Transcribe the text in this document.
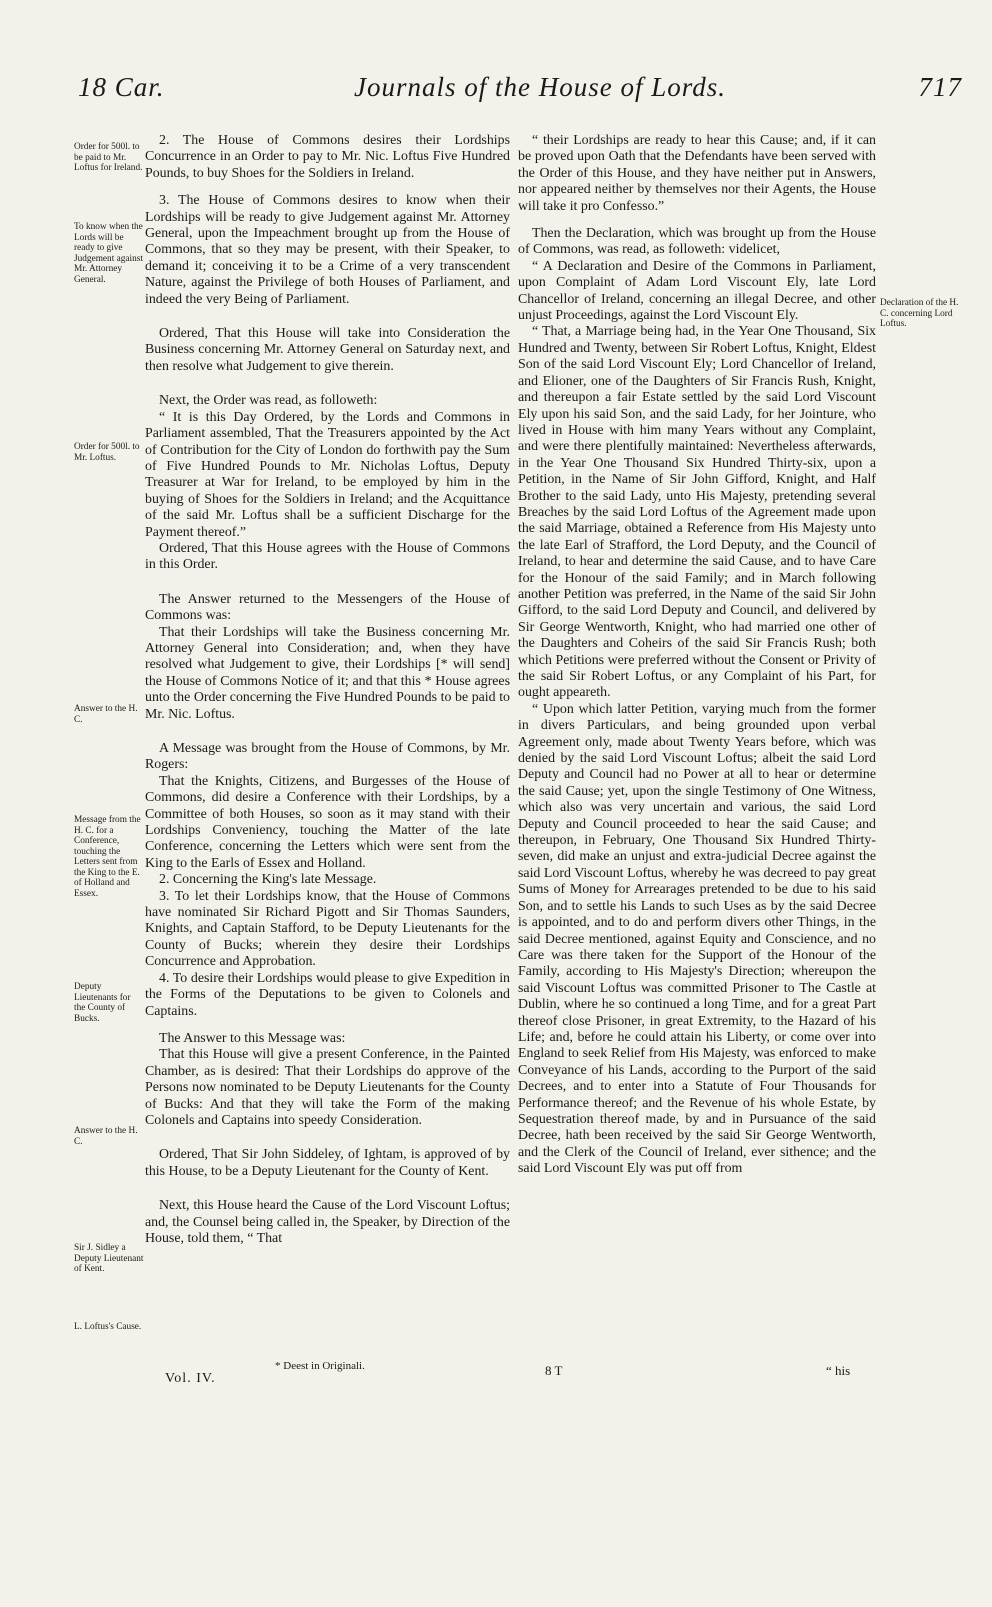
18 Car.	Journals of the House of Lords.	717
Order for 500l. to be paid to Mr. Loftus for Ireland.
To know when the Lords will be ready to give Judgement against Mr. Attorney General.
Order for 500l. to Mr. Loftus.
Answer to the H. C.
Message from the H. C. for a Conference, touching the Letters sent from the King to the E. of Holland and Essex.
Deputy Lieutenants for the County of Bucks.
Answer to the H. C.
Sir J. Sidley a Deputy Lieutenant of Kent.
L. Loftus's Cause.
Declaration of the H. C. concerning Lord Loftus.

2. The House of Commons desires their Lordships Concurrence in an Order to pay to Mr. Nic. Loftus Five Hundred Pounds, to buy Shoes for the Soldiers in Ireland.

3. The House of Commons desires to know when their Lordships will be ready to give Judgement against Mr. Attorney General, upon the Impeachment brought up from the House of Commons, that so they may be present, with their Speaker, to demand it; conceiving it to be a Crime of a very transcendent Nature, against the Privilege of both Houses of Parliament, and indeed the very Being of Parliament.

Ordered, That this House will take into Consideration the Business concerning Mr. Attorney General on Saturday next, and then resolve what Judgement to give therein.

Next, the Order was read, as followeth:

“ It is this Day Ordered, by the Lords and Commons in Parliament assembled, That the Treasurers appointed by the Act of Contribution for the City of London do forthwith pay the Sum of Five Hundred Pounds to Mr. Nicholas Loftus, Deputy Treasurer at War for Ireland, to be employed by him in the buying of Shoes for the Soldiers in Ireland; and the Acquittance of the said Mr. Loftus shall be a sufficient Discharge for the Payment thereof.”

Ordered, That this House agrees with the House of Commons in this Order.

The Answer returned to the Messengers of the House of Commons was:

That their Lordships will take the Business concerning Mr. Attorney General into Consideration; and, when they have resolved what Judgement to give, their Lordships [* will send] the House of Commons Notice of it; and that this * House agrees unto the Order concerning the Five Hundred Pounds to be paid to Mr. Nic. Loftus.

A Message was brought from the House of Commons, by Mr. Rogers:

That the Knights, Citizens, and Burgesses of the House of Commons, did desire a Conference with their Lordships, by a Committee of both Houses, so soon as it may stand with their Lordships Conveniency, touching the Matter of the late Conference, concerning the Letters which were sent from the King to the Earls of Essex and Holland.

2. Concerning the King's late Message.

3. To let their Lordships know, that the House of Commons have nominated Sir Richard Pigott and Sir Thomas Saunders, Knights, and Captain Stafford, to be Deputy Lieutenants for the County of Bucks; wherein they desire their Lordships Concurrence and Approbation.

4. To desire their Lordships would please to give Expedition in the Forms of the Deputations to be given to Colonels and Captains.

The Answer to this Message was:

That this House will give a present Conference, in the Painted Chamber, as is desired: That their Lordships do approve of the Persons now nominated to be Deputy Lieutenants for the County of Bucks: And that they will take the Form of the making Colonels and Captains into speedy Consideration.

Ordered, That Sir John Siddeley, of Ightam, is approved of by this House, to be a Deputy Lieutenant for the County of Kent.

Next, this House heard the Cause of the Lord Viscount Loftus; and, the Counsel being called in, the Speaker, by Direction of the House, told them, “ That

“ their Lordships are ready to hear this Cause; and, if it can be proved upon Oath that the Defendants have been served with the Order of this House, and they have neither put in Answers, nor appeared neither by themselves nor their Agents, the House will take it pro Confesso.”

Then the Declaration, which was brought up from the House of Commons, was read, as followeth: videlicet,

“ A Declaration and Desire of the Commons in Parliament, upon Complaint of Adam Lord Viscount Ely, late Lord Chancellor of Ireland, concerning an illegal Decree, and other unjust Proceedings, against the Lord Viscount Ely.

“ That, a Marriage being had, in the Year One Thousand, Six Hundred and Twenty, between Sir Robert Loftus, Knight, Eldest Son of the said Lord Viscount Ely; Lord Chancellor of Ireland, and Elioner, one of the Daughters of Sir Francis Rush, Knight, and thereupon a fair Estate settled by the said Lord Viscount Ely upon his said Son, and the said Lady, for her Jointure, who lived in House with him many Years without any Complaint, and were there plentifully maintained: Nevertheless afterwards, in the Year One Thousand Six Hundred Thirty-six, upon a Petition, in the Name of Sir John Gifford, Knight, and Half Brother to the said Lady, unto His Majesty, pretending several Breaches by the said Lord Loftus of the Agreement made upon the said Marriage, obtained a Reference from His Majesty unto the late Earl of Strafford, the Lord Deputy, and the Council of Ireland, to hear and determine the said Cause, and to have Care for the Honour of the said Family; and in March following another Petition was preferred, in the Name of the said Sir John Gifford, to the said Lord Deputy and Council, and delivered by Sir George Wentworth, Knight, who had married one other of the Daughters and Coheirs of the said Sir Francis Rush; both which Petitions were preferred without the Consent or Privity of the said Sir Robert Loftus, or any Complaint of his Part, for ought appeareth.

“ Upon which latter Petition, varying much from the former in divers Particulars, and being grounded upon verbal Agreement only, made about Twenty Years before, which was denied by the said Lord Viscount Loftus; albeit the said Lord Deputy and Council had no Power at all to hear or determine the said Cause; yet, upon the single Testimony of One Witness, which also was very uncertain and various, the said Lord Deputy and Council proceeded to hear the said Cause; and thereupon, in February, One Thousand Six Hundred Thirty-seven, did make an unjust and extra-judicial Decree against the said Lord Viscount Loftus, whereby he was decreed to pay great Sums of Money for Arrearages pretended to be due to his said Son, and to settle his Lands to such Uses as by the said Decree is appointed, and to do and perform divers other Things, in the said Decree mentioned, against Equity and Conscience, and no Care was there taken for the Support of the Honour of the Family, according to His Majesty's Direction; whereupon the said Viscount Loftus was committed Prisoner to The Castle at Dublin, where he so continued a long Time, and for a great Part thereof close Prisoner, in great Extremity, to the Hazard of his Life; and, before he could attain his Liberty, or come over into England to seek Relief from His Majesty, was enforced to make Conveyance of his Lands, according to the Purport of the said Decrees, and to enter into a Statute of Four Thousands for Performance thereof; and the Revenue of his whole Estate, by Sequestration thereof made, by and in Pursuance of the said Decree, hath been received by the said Sir George Wentworth, and the Clerk of the Council of Ireland, ever sithence; and the said Lord Viscount Ely was put off from

* Deest in Originali.
Vol. IV.
8 T	“ his
